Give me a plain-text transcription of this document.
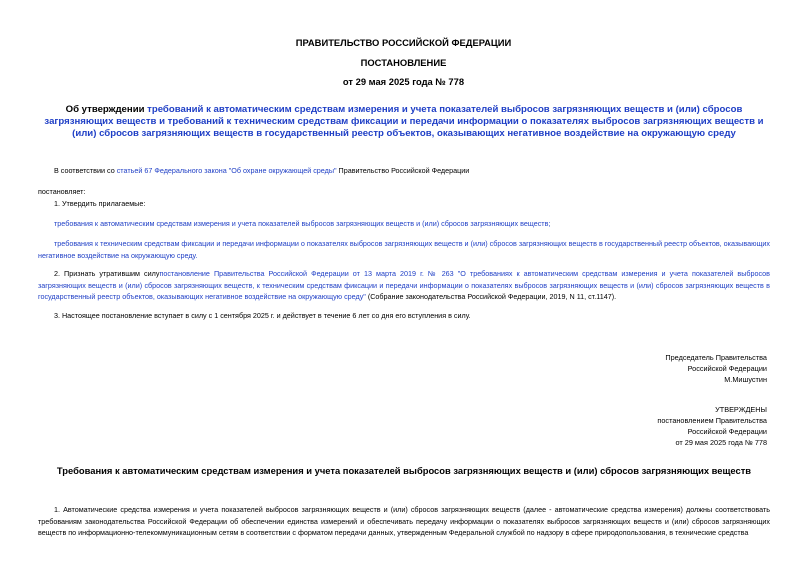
ПРАВИТЕЛЬСТВО РОССИЙСКОЙ ФЕДЕРАЦИИ
ПОСТАНОВЛЕНИЕ
от 29 мая 2025 года № 778
Об утверждении требований к автоматическим средствам измерения и учета показателей выбросов загрязняющих веществ и (или) сбросов загрязняющих веществ и требований к техническим средствам фиксации и передачи информации о показателях выбросов загрязняющих веществ и (или) сбросов загрязняющих веществ в государственный реестр объектов, оказывающих негативное воздействие на окружающую среду
В соответствии со статьей 67 Федерального закона "Об охране окружающей среды" Правительство Российской Федерации
постановляет:
1. Утвердить прилагаемые:
требования к автоматическим средствам измерения и учета показателей выбросов загрязняющих веществ и (или) сбросов загрязняющих веществ;
требования к техническим средствам фиксации и передачи информации о показателях выбросов загрязняющих веществ и (или) сбросов загрязняющих веществ в государственный реестр объектов, оказывающих негативное воздействие на окружающую среду.
2. Признать утратившим силупостановление Правительства Российской Федерации от 13 марта 2019 г. № 263 "О требованиях к автоматическим средствам измерения и учета показателей выбросов загрязняющих веществ и (или) сбросов загрязняющих веществ, к техническим средствам фиксации и передачи информации о показателях выбросов загрязняющих веществ и (или) сбросов загрязняющих веществ в государственный реестр объектов, оказывающих негативное воздействие на окружающую среду" (Собрание законодательства Российской Федерации, 2019, N 11, ст.1147).
3. Настоящее постановление вступает в силу с 1 сентября 2025 г. и действует в течение 6 лет со дня его вступления в силу.
Председатель Правительства
Российской Федерации
М.Мишустин
УТВЕРЖДЕНЫ
постановлением Правительства
Российской Федерации
от 29 мая 2025 года № 778
Требования к автоматическим средствам измерения и учета показателей выбросов загрязняющих веществ и (или) сбросов загрязняющих веществ
1. Автоматические средства измерения и учета показателей выбросов загрязняющих веществ и (или) сбросов загрязняющих веществ (далее - автоматические средства измерения) должны соответствовать требованиям законодательства Российской Федерации об обеспечении единства измерений и обеспечивать передачу информации о показателях выбросов загрязняющих веществ и (или) сбросов загрязняющих веществ по информационно-телекоммуникационным сетям в соответствии с форматом передачи данных, утвержденным Федеральной службой по надзору в сфере природопользования, в технические средства
